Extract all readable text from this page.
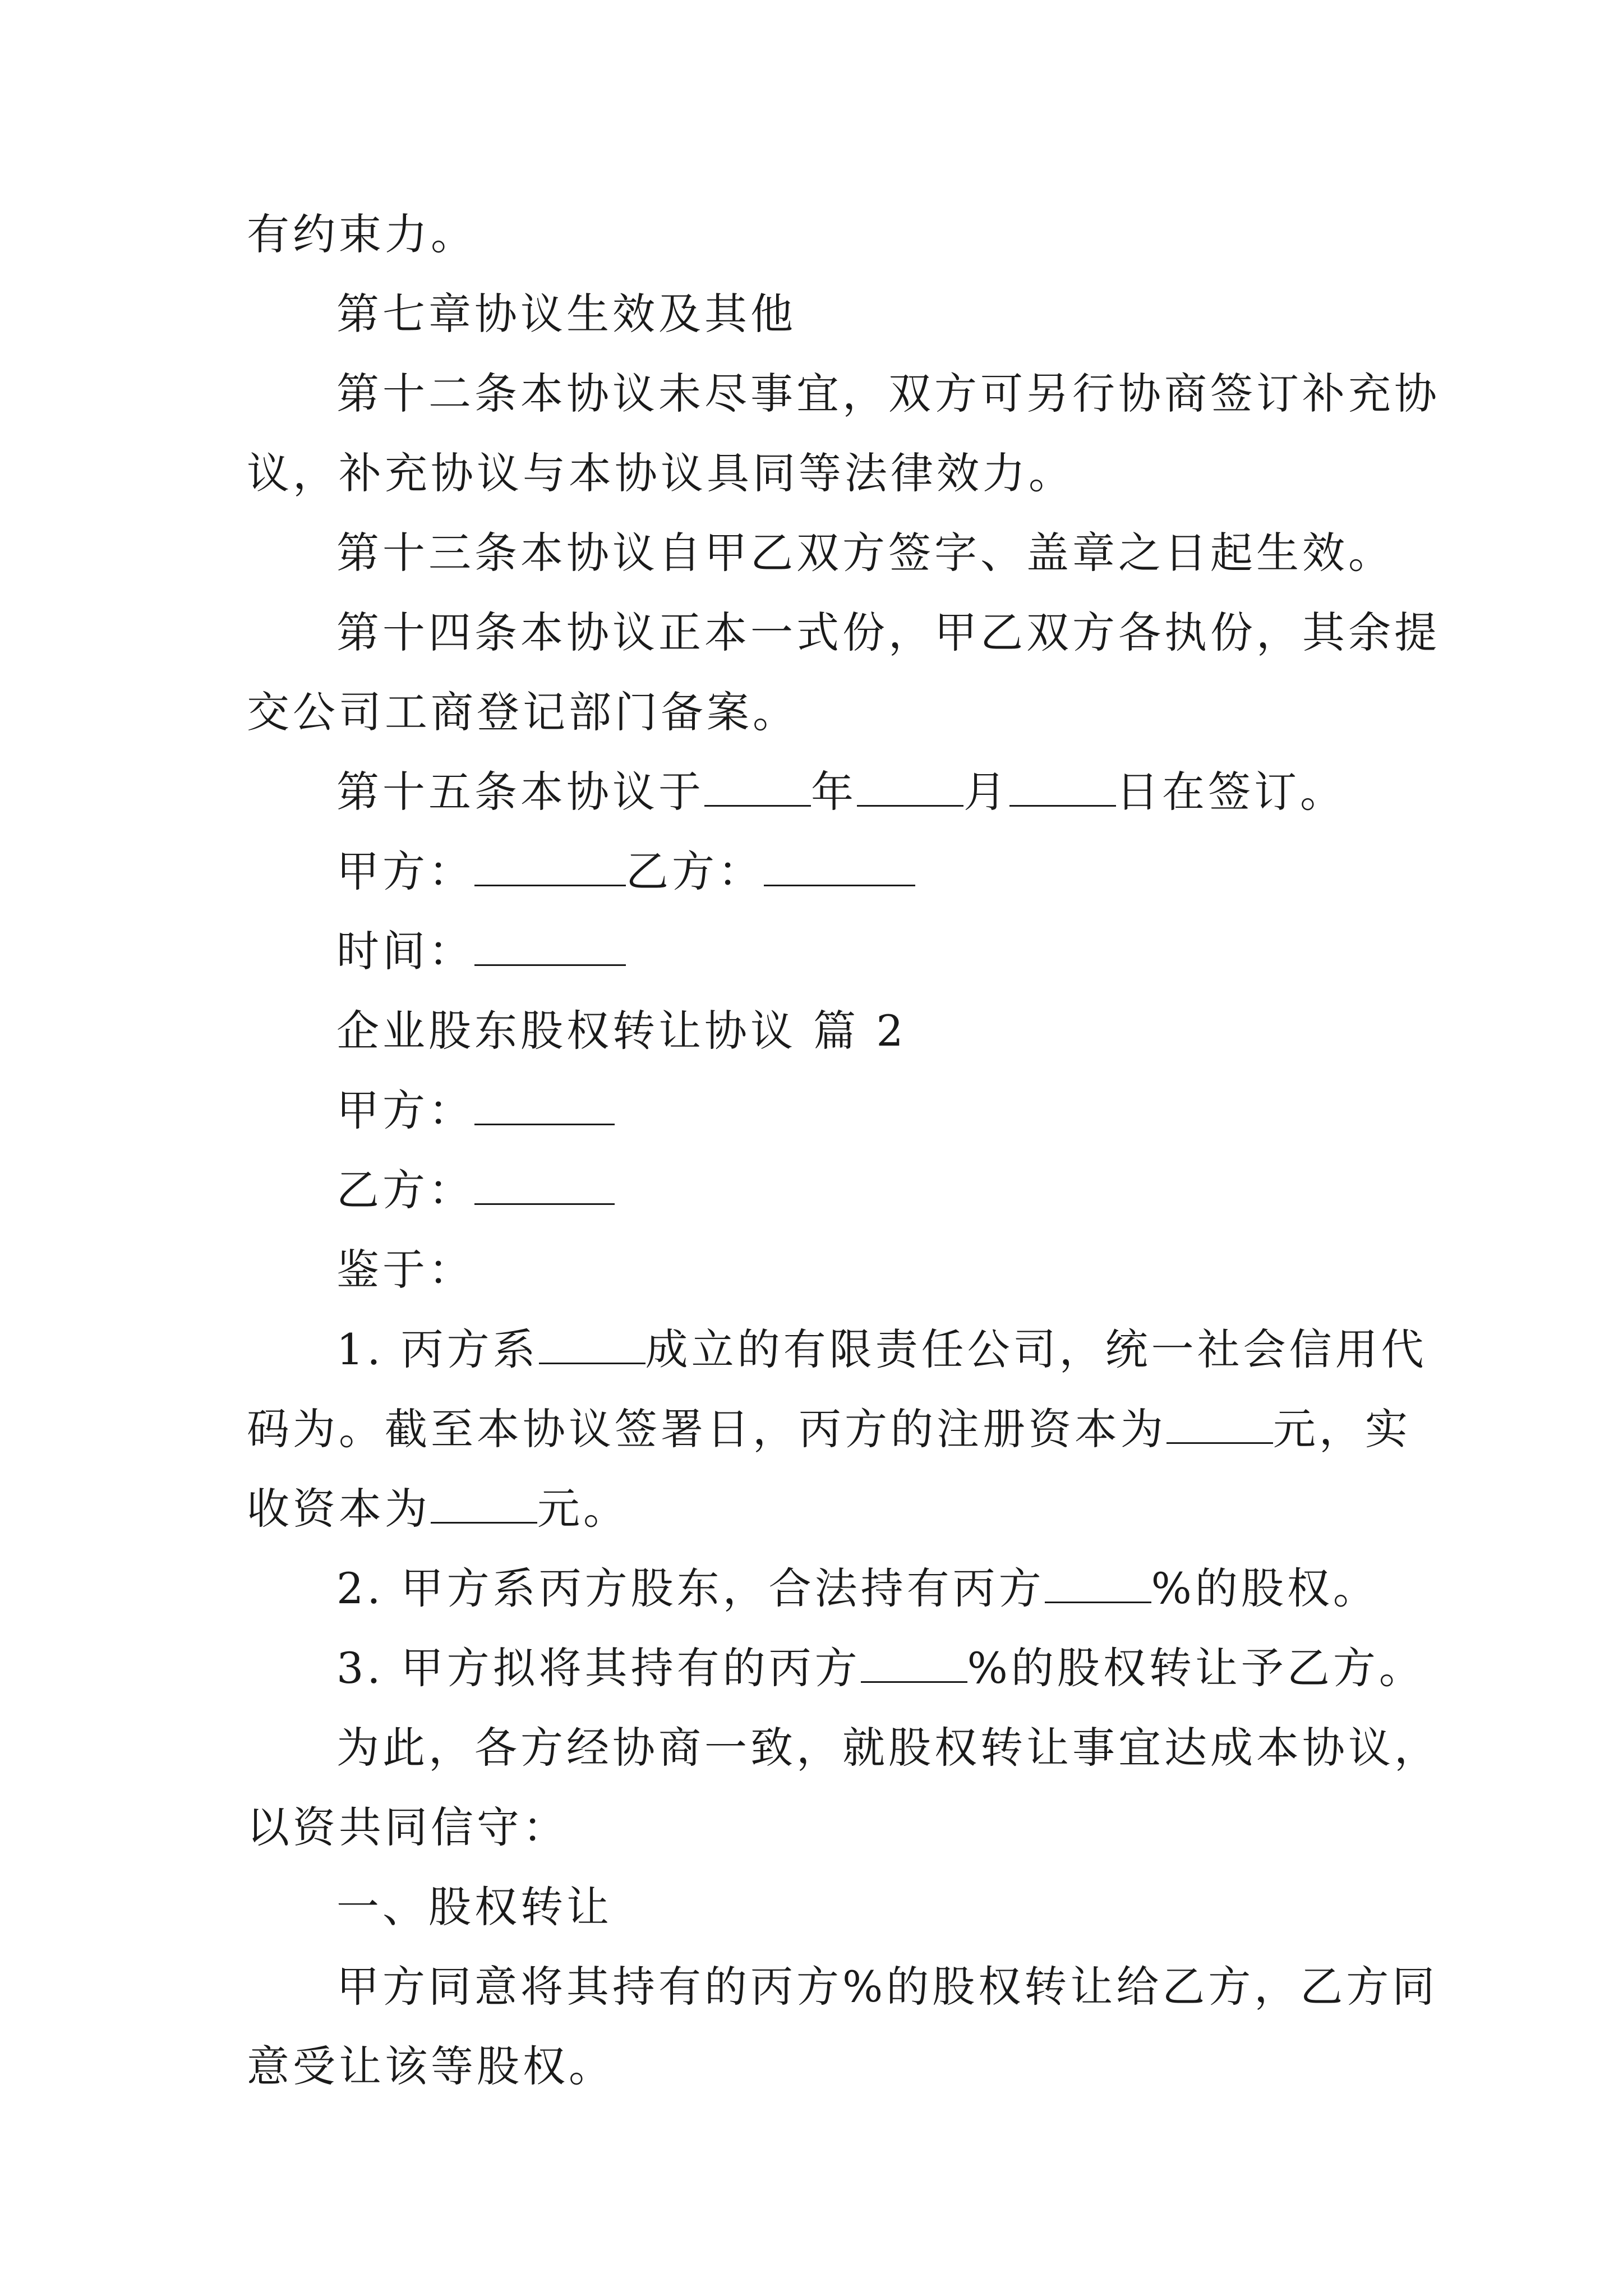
有约束力。
第七章协议生效及其他
第十二条本协议未尽事宜，双方可另行协商签订补充协
议，补充协议与本协议具同等法律效力。
第十三条本协议自甲乙双方签字、盖章之日起生效。
第十四条本协议正本一式份，甲乙双方各执份，其余提
交公司工商登记部门备案。
第十五条本协议于	年	月	日在签订。
甲方：	乙方：
时间：
企业股东股权转让协议 篇 2
甲方：
乙方：
鉴于：
1. 丙方系	成立的有限责任公司，统一社会信用代
码为。截至本协议签署日，丙方的注册资本为	元，实
收资本为	元。
2. 甲方系丙方股东，合法持有丙方	%的股权。
3. 甲方拟将其持有的丙方	%的股权转让予乙方。
为此，各方经协商一致，就股权转让事宜达成本协议，
以资共同信守：
一、股权转让
甲方同意将其持有的丙方%的股权转让给乙方，乙方同
意受让该等股权。
